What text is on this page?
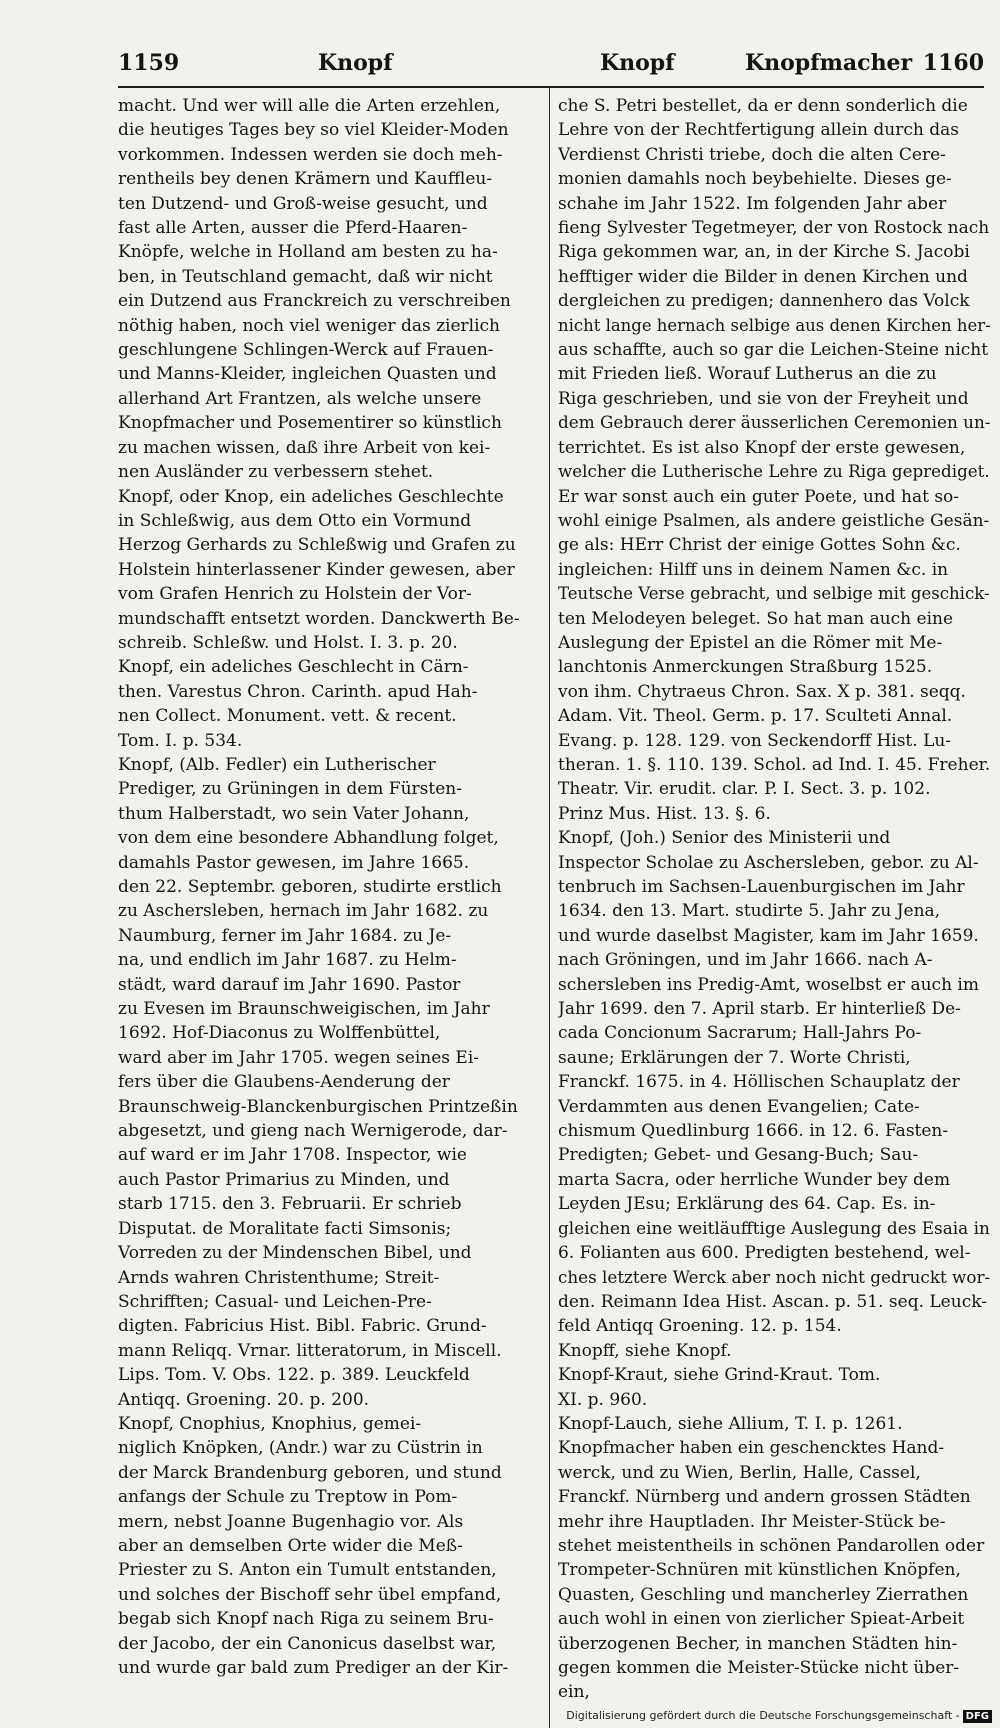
1159	Knopf	Knopf	Knopfmacher 1160
macht. Und wer will alle die Arten erzehlen,
die heutiges Tages bey so viel Kleider-Moden
vorkommen. Indessen werden sie doch meh-
rentheils bey denen Krämern und Kauffleu-
ten Dutzend- und Groß-weise gesucht, und
fast alle Arten, ausser die Pferd-Haaren-
Knöpfe, welche in Holland am besten zu ha-
ben, in Teutschland gemacht, daß wir nicht
ein Dutzend aus Franckreich zu verschreiben
nöthig haben, noch viel weniger das zierlich
geschlungene Schlingen-Werck auf Frauen-
und Manns-Kleider, ingleichen Quasten und
allerhand Art Frantzen, als welche unsere
Knopfmacher und Posementirer so künstlich
zu machen wissen, daß ihre Arbeit von kei-
nen Ausländer zu verbessern stehet.
Knopf, oder Knop, ein adeliches Geschlechte
in Schleßwig, aus dem Otto ein Vormund
Herzog Gerhards zu Schleßwig und Grafen zu
Holstein hinterlassener Kinder gewesen, aber
vom Grafen Henrich zu Holstein der Vor-
mundschafft entsetzt worden. Danckwerth Be-
schreib. Schleßw. und Holst. I. 3. p. 20.
Knopf, ein adeliches Geschlecht in Cärn-
then. Varestus Chron. Carinth. apud Hah-
nen Collect. Monument. vett. & recent.
Tom. I. p. 534.
Knopf, (Alb. Fedler) ein Lutherischer
Prediger, zu Grüningen in dem Fürsten-
thum Halberstadt, wo sein Vater Johann,
von dem eine besondere Abhandlung folget,
damahls Pastor gewesen, im Jahre 1665.
den 22. Septembr. geboren, studirte erstlich
zu Aschersleben, hernach im Jahr 1682. zu
Naumburg, ferner im Jahr 1684. zu Je-
na, und endlich im Jahr 1687. zu Helm-
städt, ward darauf im Jahr 1690. Pastor
zu Evesen im Braunschweigischen, im Jahr
1692. Hof-Diaconus zu Wolffenbüttel,
ward aber im Jahr 1705. wegen seines Ei-
fers über die Glaubens-Aenderung der
Braunschweig-Blanckenburgischen Printzeßin
abgesetzt, und gieng nach Wernigerode, dar-
auf ward er im Jahr 1708. Inspector, wie
auch Pastor Primarius zu Minden, und
starb 1715. den 3. Februarii. Er schrieb
Disputat. de Moralitate facti Simsonis;
Vorreden zu der Mindenschen Bibel, und
Arnds wahren Christenthume; Streit-
Schrifften; Casual- und Leichen-Pre-
digten. Fabricius Hist. Bibl. Fabric. Grund-
mann Reliqq. Vrnar. litteratorum, in Miscell.
Lips. Tom. V. Obs. 122. p. 389. Leuckfeld
Antiqq. Groening. 20. p. 200.
Knopf, Cnophius, Knophius, gemei-
niglich Knöpken, (Andr.) war zu Cüstrin in
der Marck Brandenburg geboren, und stund
anfangs der Schule zu Treptow in Pom-
mern, nebst Joanne Bugenhagio vor. Als
aber an demselben Orte wider die Meß-
Priester zu S. Anton ein Tumult entstanden,
und solches der Bischoff sehr übel empfand,
begab sich Knopf nach Riga zu seinem Bru-
der Jacobo, der ein Canonicus daselbst war,
und wurde gar bald zum Prediger an der Kir-
che S. Petri bestellet, da er denn sonderlich die
Lehre von der Rechtfertigung allein durch das
Verdienst Christi triebe, doch die alten Cere-
monien damahls noch beybehielte. Dieses ge-
schahe im Jahr 1522. Im folgenden Jahr aber
fieng Sylvester Tegetmeyer, der von Rostock nach
Riga gekommen war, an, in der Kirche S. Jacobi
hefftiger wider die Bilder in denen Kirchen und
dergleichen zu predigen; dannenhero das Volck
nicht lange hernach selbige aus denen Kirchen her-
aus schaffte, auch so gar die Leichen-Steine nicht
mit Frieden ließ. Worauf Lutherus an die zu
Riga geschrieben, und sie von der Freyheit und
dem Gebrauch derer äusserlichen Ceremonien un-
terrichtet. Es ist also Knopf der erste gewesen,
welcher die Lutherische Lehre zu Riga geprediget.
Er war sonst auch ein guter Poete, und hat so-
wohl einige Psalmen, als andere geistliche Gesän-
ge als: HErr Christ der einige Gottes Sohn &c.
ingleichen: Hilff uns in deinem Namen &c. in
Teutsche Verse gebracht, und selbige mit geschick-
ten Melodeyen beleget. So hat man auch eine
Auslegung der Epistel an die Römer mit Me-
lanchtonis Anmerckungen Straßburg 1525.
von ihm. Chytraeus Chron. Sax. X p. 381. seqq.
Adam. Vit. Theol. Germ. p. 17. Sculteti Annal.
Evang. p. 128. 129. von Seckendorff Hist. Lu-
theran. 1. §. 110. 139. Schol. ad Ind. I. 45. Freher.
Theatr. Vir. erudit. clar. P. I. Sect. 3. p. 102.
Prinz Mus. Hist. 13. §. 6.
Knopf, (Joh.) Senior des Ministerii und
Inspector Scholae zu Aschersleben, gebor. zu Al-
tenbruch im Sachsen-Lauenburgischen im Jahr
1634. den 13. Mart. studirte 5. Jahr zu Jena,
und wurde daselbst Magister, kam im Jahr 1659.
nach Gröningen, und im Jahr 1666. nach A-
schersleben ins Predig-Amt, woselbst er auch im
Jahr 1699. den 7. April starb. Er hinterließ De-
cada Concionum Sacrarum; Hall-Jahrs Po-
saune; Erklärungen der 7. Worte Christi,
Franckf. 1675. in 4. Höllischen Schauplatz der
Verdammten aus denen Evangelien; Cate-
chismum Quedlinburg 1666. in 12. 6. Fasten-
Predigten; Gebet- und Gesang-Buch; Sau-
marta Sacra, oder herrliche Wunder bey dem
Leyden JEsu; Erklärung des 64. Cap. Es. in-
gleichen eine weitläufftige Auslegung des Esaia in
6. Folianten aus 600. Predigten bestehend, wel-
ches letztere Werck aber noch nicht gedruckt wor-
den. Reimann Idea Hist. Ascan. p. 51. seq. Leuck-
feld Antiqq Groening. 12. p. 154.
Knopff, siehe Knopf.
Knopf-Kraut, siehe Grind-Kraut. Tom.
XI. p. 960.
Knopf-Lauch, siehe Allium, T. I. p. 1261.
Knopfmacher haben ein geschencktes Hand-
werck, und zu Wien, Berlin, Halle, Cassel,
Franckf. Nürnberg und andern grossen Städten
mehr ihre Hauptladen. Ihr Meister-Stück be-
stehet meistentheils in schönen Pandarollen oder
Trompeter-Schnüren mit künstlichen Knöpfen,
Quasten, Geschling und mancherley Zierrathen
auch wohl in einen von zierlicher Spieat-Arbeit
überzogenen Becher, in manchen Städten hin-
gegen kommen die Meister-Stücke nicht über-
ein,
Digitalisierung gefördert durch die Deutsche Forschungsgemeinschaft - DFG
